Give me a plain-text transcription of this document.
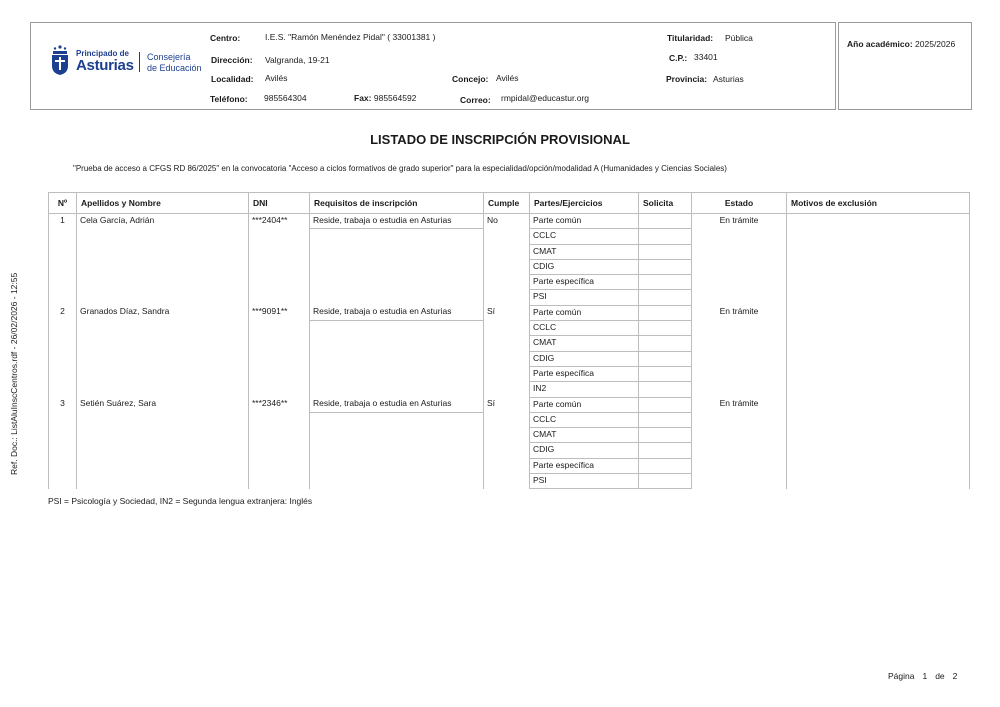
Año académico: 2025/2026
Principado de
Asturias Consejería
de Educación
Centro:	I.E.S. "Ramón Menéndez Pidal" ( 33001381 )
Dirección: Valgranda, 19-21
Localidad: Avilés	Concejo: Avilés
Teléfono: 985564304	Fax: 985564592	Correo: rmpidal@educastur.org
Titularidad: Pública
C.P.: 33401
Provincia: Asturias
Ref. Doc.: ListAluInscCentros.rdf - 26/02/2026 - 12:55
LISTADO DE INSCRIPCIÓN PROVISIONAL
"Prueba de acceso a CFGS RD 86/2025" en la convocatoria "Acceso a ciclos formativos de grado superior" para la especialidad/opción/modalidad A (Humanidades y Ciencias Sociales)
Nº	Apellidos y Nombre	DNI	Requisitos de inscripción	Cumple	Partes/Ejercicios	Solicita	Estado	Motivos de exclusión
1	Cela García, Adrián	***2404**	Reside, trabaja o estudia en Asturias	No	Parte común		En trámite	
					CCLC			
					CMAT			
					CDIG			
					Parte específica			
					PSI			
2	Granados Díaz, Sandra	***9091**	Reside, trabaja o estudia en Asturias	Sí	Parte común		En trámite	
					CCLC			
					CMAT			
					CDIG			
					Parte específica			
					IN2			
3	Setién Suárez, Sara	***2346**	Reside, trabaja o estudia en Asturias	Sí	Parte común		En trámite	
					CCLC			
					CMAT			
					CDIG			
					Parte específica			
					PSI			
PSI = Psicología y Sociedad, IN2 = Segunda lengua extranjera: Inglés
Página 1 de 2
